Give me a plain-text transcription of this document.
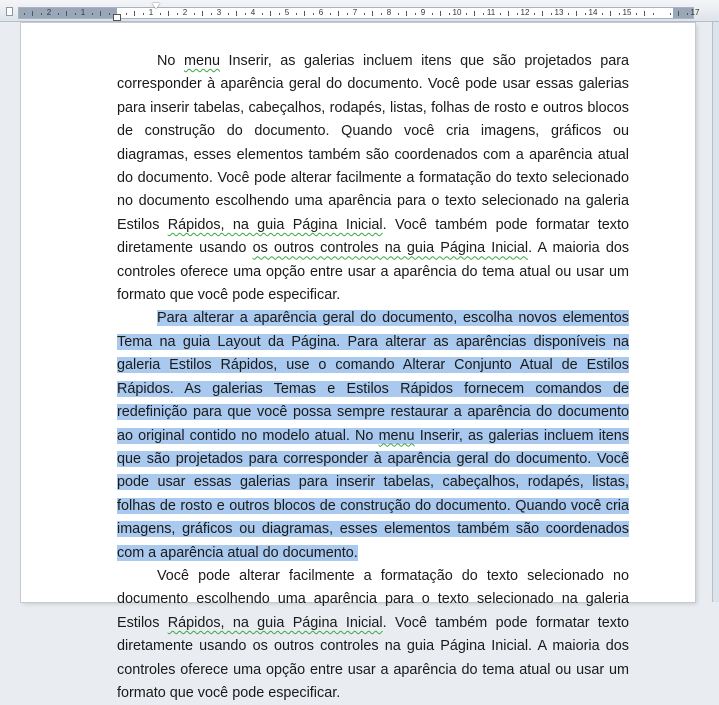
2	1	1	2	3	4	5	6	7	8	9	10	11	12	13	14	15	17

No menu Inserir, as galerias incluem itens que são projetados para corresponder à aparência geral do documento. Você pode usar essas galerias para inserir tabelas, cabeçalhos, rodapés, listas, folhas de rosto e outros blocos de construção do documento. Quando você cria imagens, gráficos ou diagramas, esses elementos também são coordenados com a aparência atual do documento. Você pode alterar facilmente a formatação do texto selecionado no documento escolhendo uma aparência para o texto selecionado na galeria Estilos Rápidos, na guia Página Inicial. Você também pode formatar texto diretamente usando os outros controles na guia Página Inicial. A maioria dos controles oferece uma opção entre usar a aparência do tema atual ou usar um formato que você pode especificar.

Para alterar a aparência geral do documento, escolha novos elementos Tema na guia Layout da Página. Para alterar as aparências disponíveis na galeria Estilos Rápidos, use o comando Alterar Conjunto Atual de Estilos Rápidos. As galerias Temas e Estilos Rápidos fornecem comandos de redefinição para que você possa sempre restaurar a aparência do documento ao original contido no modelo atual. No menu Inserir, as galerias incluem itens que são projetados para corresponder à aparência geral do documento. Você pode usar essas galerias para inserir tabelas, cabeçalhos, rodapés, listas, folhas de rosto e outros blocos de construção do documento. Quando você cria imagens, gráficos ou diagramas, esses elementos também são coordenados com a aparência atual do documento.

Você pode alterar facilmente a formatação do texto selecionado no documento escolhendo uma aparência para o texto selecionado na galeria Estilos Rápidos, na guia Página Inicial. Você também pode formatar texto diretamente usando os outros controles na guia Página Inicial. A maioria dos controles oferece uma opção entre usar a aparência do tema atual ou usar um formato que você pode especificar.
